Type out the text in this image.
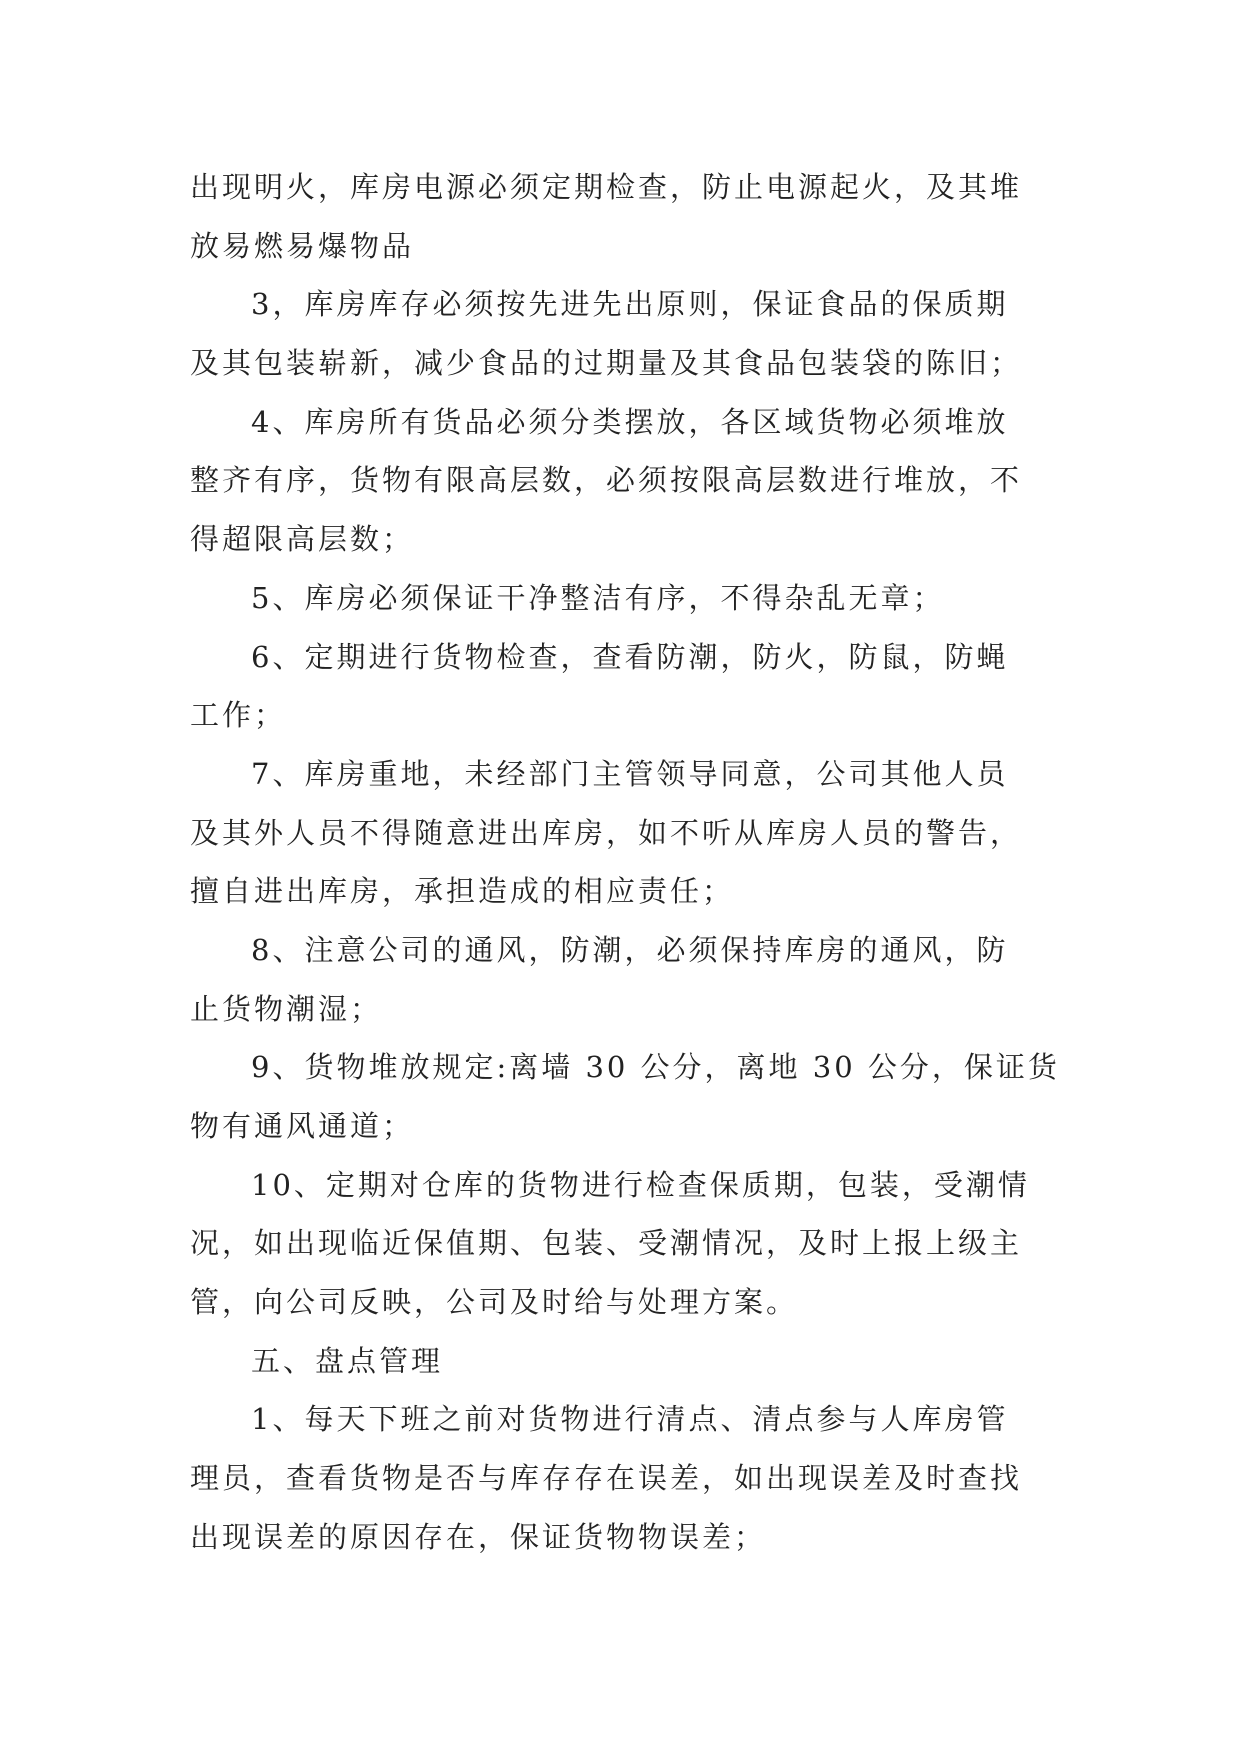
出现明火，库房电源必须定期检查，防止电源起火，及其堆
放易燃易爆物品
3，库房库存必须按先进先出原则，保证食品的保质期
及其包装崭新，减少食品的过期量及其食品包装袋的陈旧；
4、库房所有货品必须分类摆放，各区域货物必须堆放
整齐有序，货物有限高层数，必须按限高层数进行堆放，不
得超限高层数；
5、库房必须保证干净整洁有序，不得杂乱无章；
6、定期进行货物检查，查看防潮，防火，防鼠，防蝇
工作；
7、库房重地，未经部门主管领导同意，公司其他人员
及其外人员不得随意进出库房，如不听从库房人员的警告，
擅自进出库房，承担造成的相应责任；
8、注意公司的通风，防潮，必须保持库房的通风，防
止货物潮湿；
9、货物堆放规定:离墙 30 公分，离地 30 公分，保证货
物有通风通道；
10、定期对仓库的货物进行检查保质期，包装，受潮情
况，如出现临近保值期、包装、受潮情况，及时上报上级主
管，向公司反映，公司及时给与处理方案。
五、盘点管理
1、每天下班之前对货物进行清点、清点参与人库房管
理员，查看货物是否与库存存在误差，如出现误差及时查找
出现误差的原因存在，保证货物物误差；
